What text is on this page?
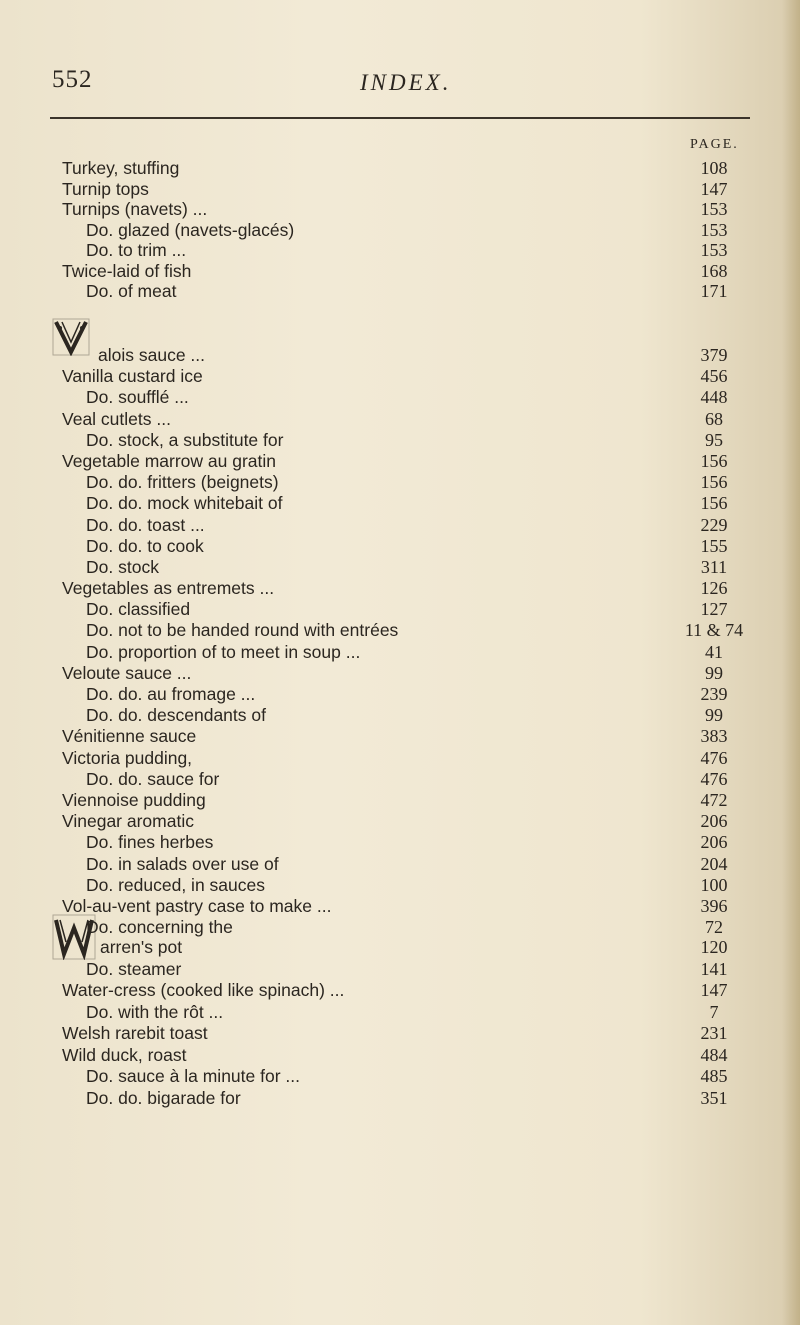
552	INDEX.
PAGE.
Turkey, stuffing	108
Turnip tops	147
Turnips (navets) ...	153
Do. glazed (navets-glacés)	153
Do. to trim ...	153
Twice-laid of fish	168
Do. of meat	171
alois sauce ...	379
Vanilla custard ice	456
Do. soufflé ...	448
Veal cutlets ...	68
Do. stock, a substitute for	95
Vegetable marrow au gratin	156
Do. do. fritters (beignets)	156
Do. do. mock whitebait of	156
Do. do. toast ...	229
Do. do. to cook	155
Do. stock	311
Vegetables as entremets ...	126
Do. classified	127
Do. not to be handed round with entrées	11 & 74
Do. proportion of to meet in soup ...	41
Veloute sauce ...	99
Do. do. au fromage ...	239
Do. do. descendants of	99
Vénitienne sauce	383
Victoria pudding,	476
Do. do. sauce for	476
Viennoise pudding	472
Vinegar aromatic	206
Do. fines herbes	206
Do. in salads over use of	204
Do. reduced, in sauces	100
Vol-au-vent pastry case to make ...	396
Do. concerning the	72
arren's pot	120
Do. steamer	141
Water-cress (cooked like spinach) ...	147
Do. with the rôt ...	7
Welsh rarebit toast	231
Wild duck, roast	484
Do. sauce à la minute for ...	485
Do. do. bigarade for	351
